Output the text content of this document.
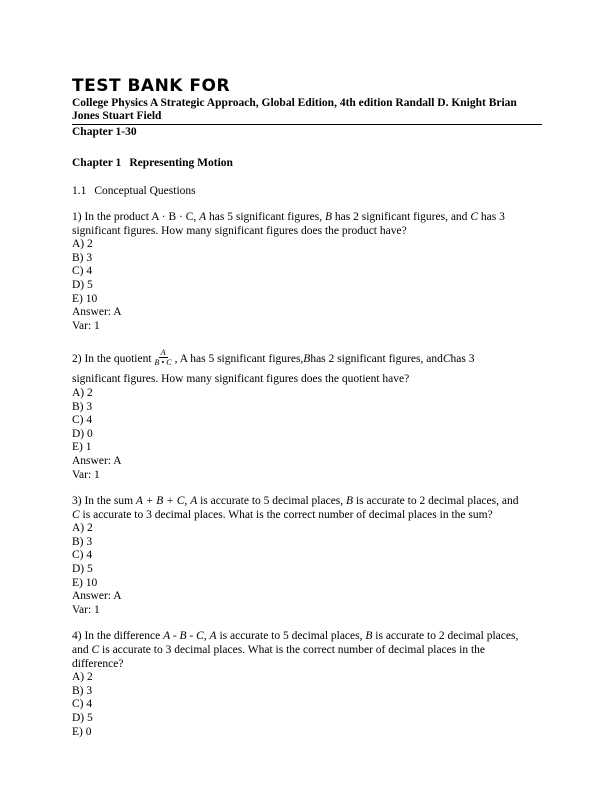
TEST BANK FOR
College Physics A Strategic Approach, Global Edition, 4th edition Randall D. Knight Brian
Jones Stuart Field
Chapter 1-30
Chapter 1 Representing Motion
1.1 Conceptual Questions
1) In the product A · B · C, A has 5 significant figures, B has 2 significant figures, and C has 3
significant figures. How many significant figures does the product have?
A) 2
B) 3
C) 4
D) 5
E) 10
Answer: A
Var: 1
2)
In the quotient $\frac{A}{B • C}$ , A has 5 significant figures, B has 2 significant figures, and C has 3
significant figures. How many significant figures does the quotient have?
A) 2
B) 3
C) 4
D) 0
E) 1
Answer: A
Var: 1
3) In the sum A + B + C, A is accurate to 5 decimal places, B is accurate to 2 decimal places, and
C is accurate to 3 decimal places. What is the correct number of decimal places in the sum?
A) 2
B) 3
C) 4
D) 5
E) 10
Answer: A
Var: 1
4) In the difference A - B - C, A is accurate to 5 decimal places, B is accurate to 2 decimal places,
and C is accurate to 3 decimal places. What is the correct number of decimal places in the
difference?
A) 2
B) 3
C) 4
D) 5
E) 0
